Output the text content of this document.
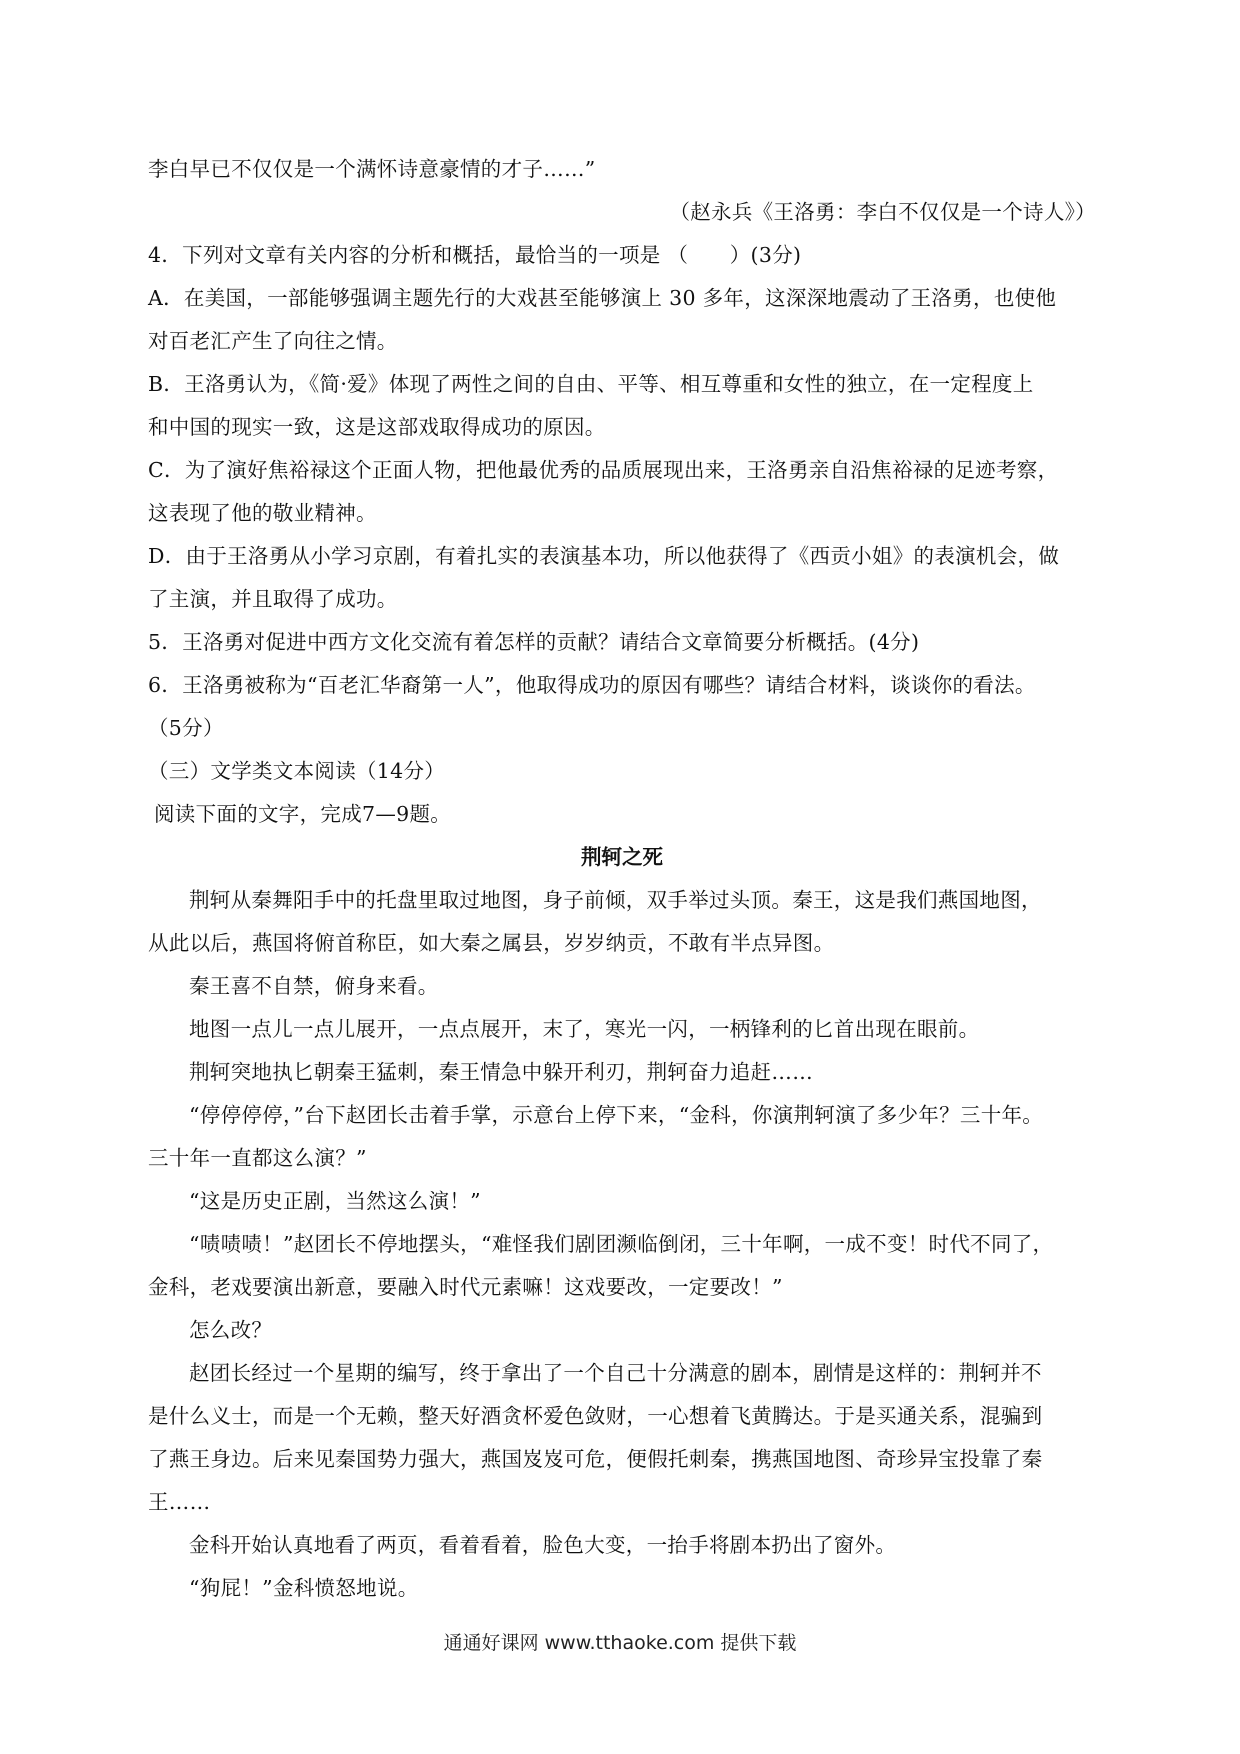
李白早已不仅仅是一个满怀诗意豪情的才子……”
（赵永兵《王洛勇：李白不仅仅是一个诗人》）
4．下列对文章有关内容的分析和概括，最恰当的一项是 （　　）(3分)
A．在美国，一部能够强调主题先行的大戏甚至能够演上 30 多年，这深深地震动了王洛勇，也使他
对百老汇产生了向往之情。
B．王洛勇认为，《简·爱》体现了两性之间的自由、平等、相互尊重和女性的独立，在一定程度上
和中国的现实一致，这是这部戏取得成功的原因。
C．为了演好焦裕禄这个正面人物，把他最优秀的品质展现出来，王洛勇亲自沿焦裕禄的足迹考察，
这表现了他的敬业精神。
D．由于王洛勇从小学习京剧，有着扎实的表演基本功，所以他获得了《西贡小姐》的表演机会，做
了主演，并且取得了成功。
5．王洛勇对促进中西方文化交流有着怎样的贡献？请结合文章简要分析概括。(4分)
6．王洛勇被称为“百老汇华裔第一人”，他取得成功的原因有哪些？请结合材料，谈谈你的看法。
（5分）
（三）文学类文本阅读（14分）
阅读下面的文字，完成7—9题。
荆轲之死
荆轲从秦舞阳手中的托盘里取过地图，身子前倾，双手举过头顶。秦王，这是我们燕国地图，
从此以后，燕国将俯首称臣，如大秦之属县，岁岁纳贡，不敢有半点异图。
秦王喜不自禁，俯身来看。
地图一点儿一点儿展开，一点点展开，末了，寒光一闪，一柄锋利的匕首出现在眼前。
荆轲突地执匕朝秦王猛刺，秦王情急中躲开利刃，荆轲奋力追赶……
“停停停停，”台下赵团长击着手掌，示意台上停下来，“金科，你演荆轲演了多少年？三十年。
三十年一直都这么演？”
“这是历史正剧，当然这么演！”
“啧啧啧！”赵团长不停地摆头，“难怪我们剧团濒临倒闭，三十年啊，一成不变！时代不同了，
金科，老戏要演出新意，要融入时代元素嘛！这戏要改，一定要改！”
怎么改？
赵团长经过一个星期的编写，终于拿出了一个自己十分满意的剧本，剧情是这样的：荆轲并不
是什么义士，而是一个无赖，整天好酒贪杯爱色敛财，一心想着飞黄腾达。于是买通关系，混骗到
了燕王身边。后来见秦国势力强大，燕国岌岌可危，便假托刺秦，携燕国地图、奇珍异宝投靠了秦
王……
金科开始认真地看了两页，看着看着，脸色大变，一抬手将剧本扔出了窗外。
“狗屁！”金科愤怒地说。
通通好课网 www.tthaoke.com 提供下载
